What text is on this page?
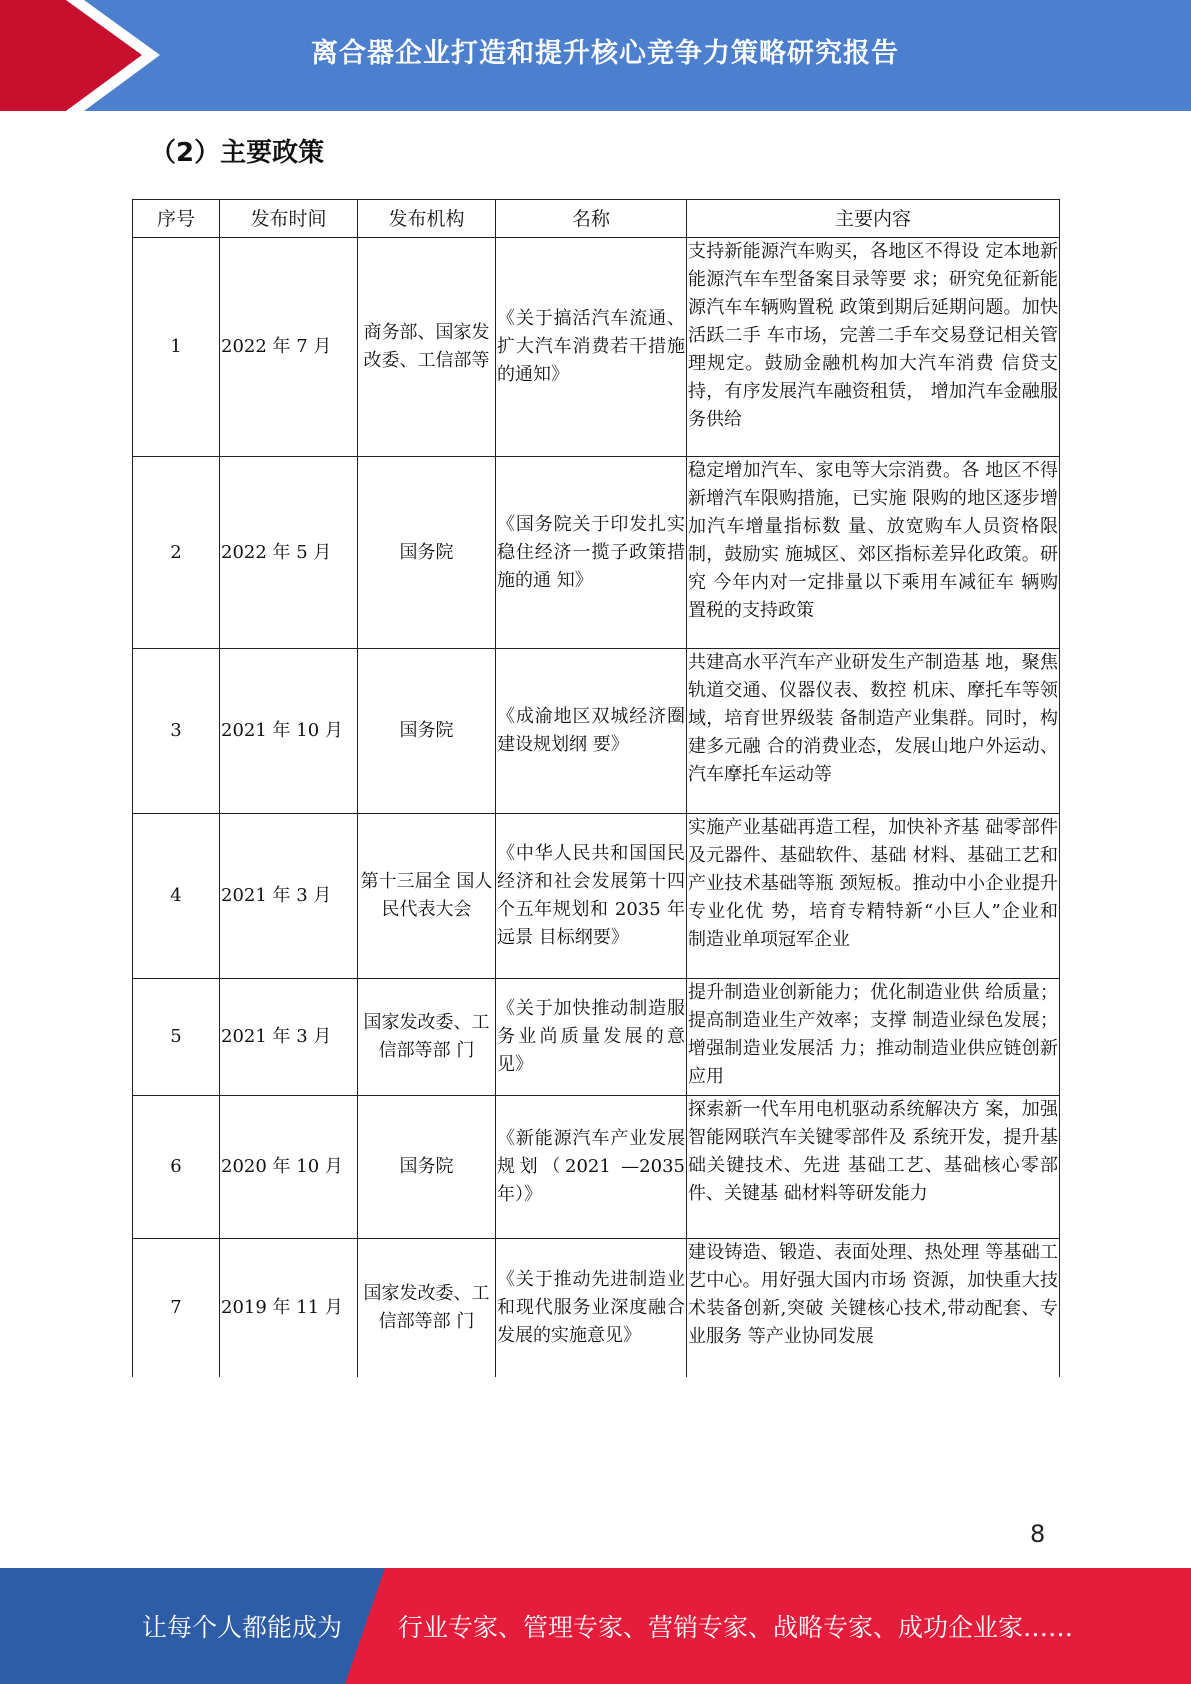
离合器企业打造和提升核心竞争力策略研究报告
（2）主要政策
序号	发布时间	发布机构	名称	主要内容
1	2022 年 7 月	商务部、国家发改委、工信部等	《关于搞活汽车流通、扩大汽车消费若干措施的通知》	支持新能源汽车购买，各地区不得设 定本地新能源汽车车型备案目录等要 求；研究免征新能源汽车车辆购置税 政策到期后延期问题。加快活跃二手 车市场，完善二手车交易登记相关管 理规定。鼓励金融机构加大汽车消费 信贷支持，有序发展汽车融资租赁， 增加汽车金融服务供给
2	2022 年 5 月	国务院	《国务院关于印发扎实稳住经济一揽子政策措施的通 知》	稳定增加汽车、家电等大宗消费。各 地区不得新增汽车限购措施，已实施 限购的地区逐步增加汽车增量指标数 量、放宽购车人员资格限制，鼓励实 施城区、郊区指标差异化政策。研究 今年内对一定排量以下乘用车减征车 辆购置税的支持政策
3	2021 年 10 月	国务院	《成渝地区双城经济圈建设规划纲 要》	共建高水平汽车产业研发生产制造基 地，聚焦轨道交通、仪器仪表、数控 机床、摩托车等领域，培育世界级装 备制造产业集群。同时，构建多元融 合的消费业态，发展山地户外运动、 汽车摩托车运动等
4	2021 年 3 月	第十三届全 国人民代表大会	《中华人民共和国国民经济和社会发展第十四个五年规划和 2035 年远景 目标纲要》	实施产业基础再造工程，加快补齐基 础零部件及元器件、基础软件、基础 材料、基础工艺和产业技术基础等瓶 颈短板。推动中小企业提升专业化优 势，培育专精特新“小巨人”企业和 制造业单项冠军企业
5	2021 年 3 月	国家发改委、工信部等部 门	《关于加快推动制造服务业尚质量发展的意见》	提升制造业创新能力；优化制造业供 给质量；提高制造业生产效率；支撑 制造业绿色发展；增强制造业发展活 力；推动制造业供应链创新应用
6	2020 年 10 月	国务院	《新能源汽车产业发展规划（2021 —2035 年）》	探索新一代车用电机驱动系统解决方 案，加强智能网联汽车关键零部件及 系统开发，提升基础关键技术、先进 基础工艺、基础核心零部件、关键基 础材料等研发能力
7	2019 年 11 月	国家发改委、工信部等部 门	《关于推动先进制造业和现代服务业深度融合发展的实施意见》	建设铸造、锻造、表面处理、热处理 等基础工艺中心。用好强大国内市场 资源，加快重大技术装备创新,突破 关键核心技术,带动配套、专业服务 等产业协同发展
8
让每个人都能成为 行业专家、管理专家、营销专家、战略专家、成功企业家……
